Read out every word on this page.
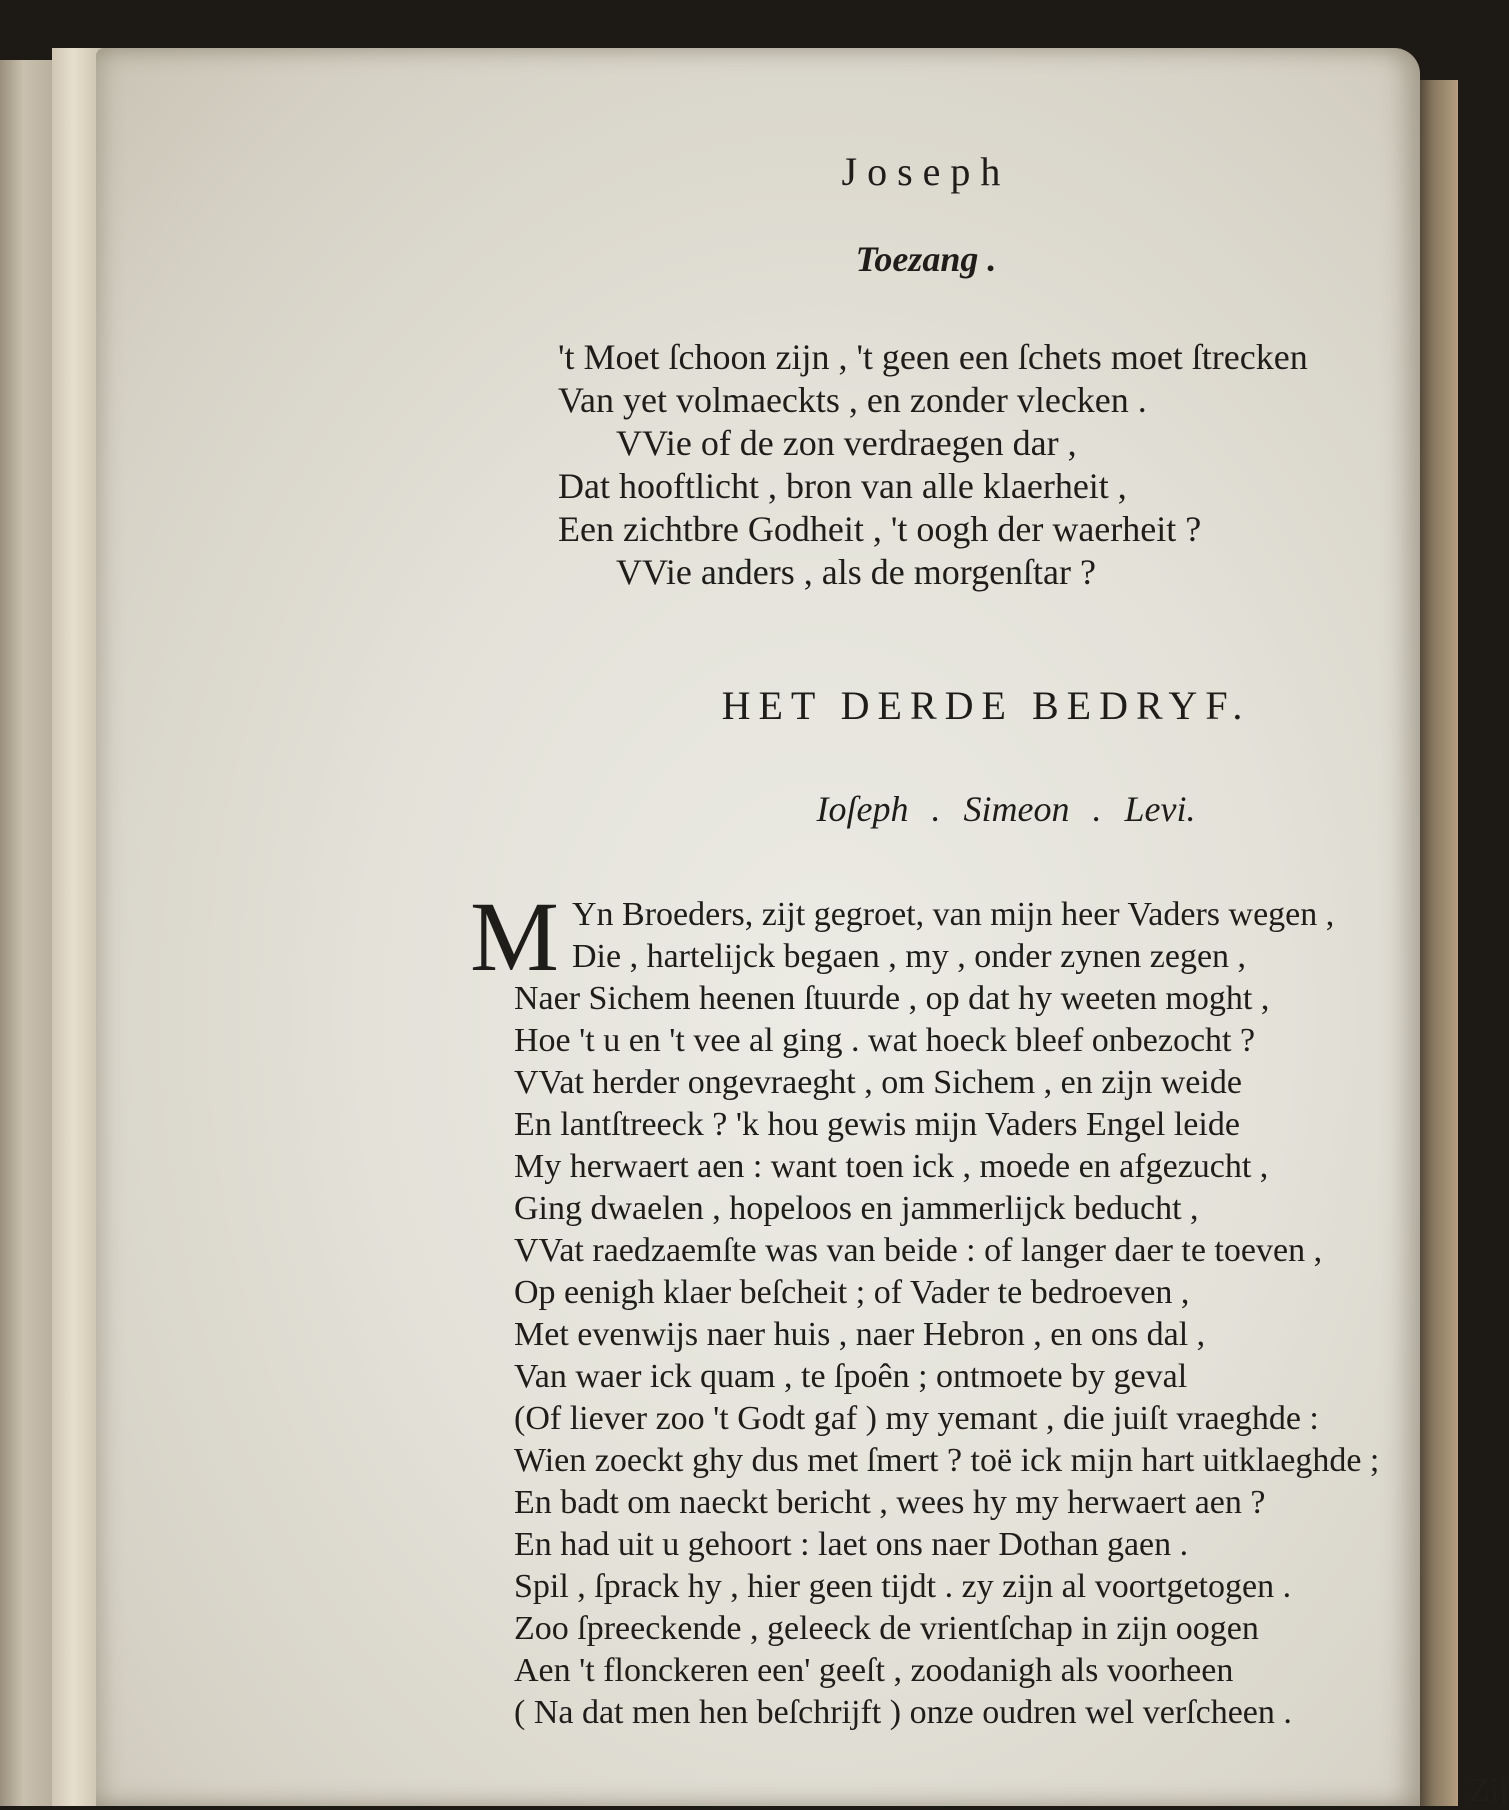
Joseph
Toezang .
't Moet ſchoon zijn , 't geen een ſchets moet ſtrecken
Van yet volmaeckts , en zonder vlecken .
VVie of de zon verdraegen dar ,
Dat hooftlicht , bron van alle klaerheit ,
Een zichtbre Godheit , 't oogh der waerheit ?
VVie anders , als de morgenſtar ?
HET DERDE BEDRYF.

Ioſeph . Simeon . Levi.

M Yn Broeders, zijt gegroet, van mijn heer Vaders wegen ,
Die , hartelijck begaen , my , onder zynen zegen ,
Naer Sichem heenen ſtuurde , op dat hy weeten moght ,
Hoe 't u en 't vee al ging . wat hoeck bleef onbezocht ?
VVat herder ongevraeght , om Sichem , en zijn weide
En lantſtreeck ? 'k hou gewis mijn Vaders Engel leide
My herwaert aen : want toen ick , moede en afgezucht ,
Ging dwaelen , hopeloos en jammerlijck beducht ,
VVat raedzaemſte was van beide : of langer daer te toeven ,
Op eenigh klaer beſcheit ; of Vader te bedroeven ,
Met evenwijs naer huis , naer Hebron , en ons dal ,
Van waer ick quam , te ſpoên ; ontmoete by geval
(Of liever zoo 't Godt gaf ) my yemant , die juiſt vraeghde :
Wien zoeckt ghy dus met ſmert ? toë ick mijn hart uitklaeghde ;
En badt om naeckt bericht , wees hy my herwaert aen ?
En had uit u gehoort : laet ons naer Dothan gaen .
Spil , ſprack hy , hier geen tijdt . zy zijn al voortgetogen .
Zoo ſpreeckende , geleeck de vrientſchap in zijn oogen
Aen 't flonckeren een' geeſt , zoodanigh als voorheen
( Na dat men hen beſchrijft ) onze oudren wel verſcheen .
Zij
